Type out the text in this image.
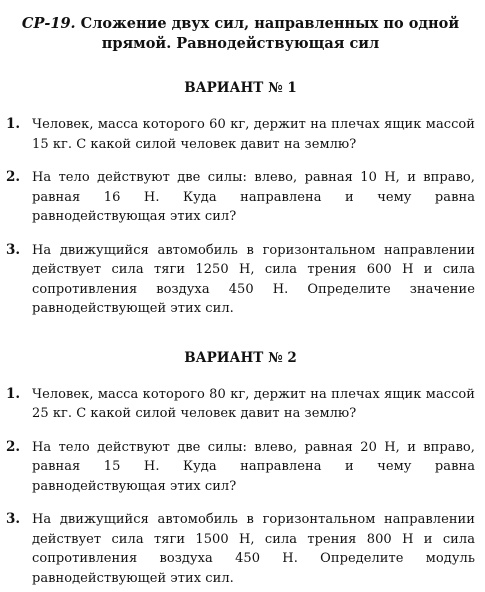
СР-19. Сложение двух сил, направленных по одной
прямой. Равнодействующая сил
ВАРИАНТ № 1
1. Человек, масса которого 60 кг, держит на плечах ящик массой 15 кг. С какой силой человек давит на землю?
2. На тело действуют две силы: влево, равная 10 Н, и вправо, равная 16 Н. Куда направлена и чему равна равнодействующая этих сил?
3. На движущийся автомобиль в горизонтальном направлении действует сила тяги 1250 Н, сила трения 600 Н и сила сопротивления воздуха 450 Н. Определите значение равнодействующей этих сил.
ВАРИАНТ № 2
1. Человек, масса которого 80 кг, держит на плечах ящик массой 25 кг. С какой силой человек давит на землю?
2. На тело действуют две силы: влево, равная 20 Н, и вправо, равная 15 Н. Куда направлена и чему равна равнодействующая этих сил?
3. На движущийся автомобиль в горизонтальном направлении действует сила тяги 1500 Н, сила трения 800 Н и сила сопротивления воздуха 450 Н. Определите модуль равнодействующей этих сил.
